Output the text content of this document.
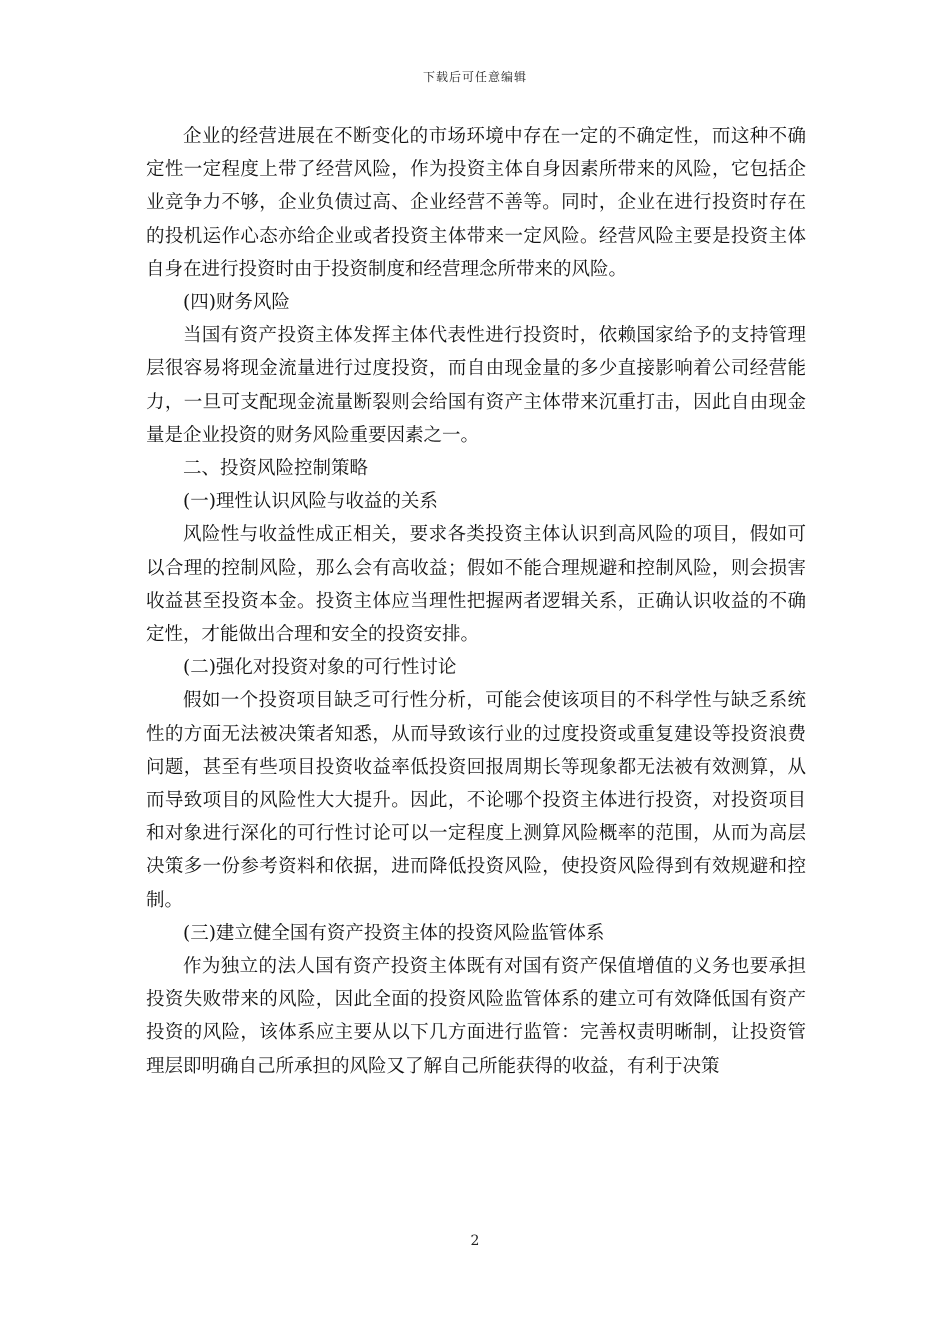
下载后可任意编辑

企业的经营进展在不断变化的市场环境中存在一定的不确定性，而这种不确定性一定程度上带了经营风险，作为投资主体自身因素所带来的风险，它包括企业竞争力不够，企业负债过高、企业经营不善等。同时，企业在进行投资时存在的投机运作心态亦给企业或者投资主体带来一定风险。经营风险主要是投资主体自身在进行投资时由于投资制度和经营理念所带来的风险。

(四)财务风险

当国有资产投资主体发挥主体代表性进行投资时，依赖国家给予的支持管理层很容易将现金流量进行过度投资，而自由现金量的多少直接影响着公司经营能力，一旦可支配现金流量断裂则会给国有资产主体带来沉重打击，因此自由现金量是企业投资的财务风险重要因素之一。

二、投资风险控制策略

(一)理性认识风险与收益的关系

风险性与收益性成正相关，要求各类投资主体认识到高风险的项目，假如可以合理的控制风险，那么会有高收益；假如不能合理规避和控制风险，则会损害收益甚至投资本金。投资主体应当理性把握两者逻辑关系，正确认识收益的不确定性，才能做出合理和安全的投资安排。

(二)强化对投资对象的可行性讨论

假如一个投资项目缺乏可行性分析，可能会使该项目的不科学性与缺乏系统性的方面无法被决策者知悉，从而导致该行业的过度投资或重复建设等投资浪费问题，甚至有些项目投资收益率低投资回报周期长等现象都无法被有效测算，从而导致项目的风险性大大提升。因此，不论哪个投资主体进行投资，对投资项目和对象进行深化的可行性讨论可以一定程度上测算风险概率的范围，从而为高层决策多一份参考资料和依据，进而降低投资风险，使投资风险得到有效规避和控制。

(三)建立健全国有资产投资主体的投资风险监管体系

作为独立的法人国有资产投资主体既有对国有资产保值增值的义务也要承担投资失败带来的风险，因此全面的投资风险监管体系的建立可有效降低国有资产投资的风险，该体系应主要从以下几方面进行监管：完善权责明晰制，让投资管理层即明确自己所承担的风险又了解自己所能获得的收益，有利于决策

2
